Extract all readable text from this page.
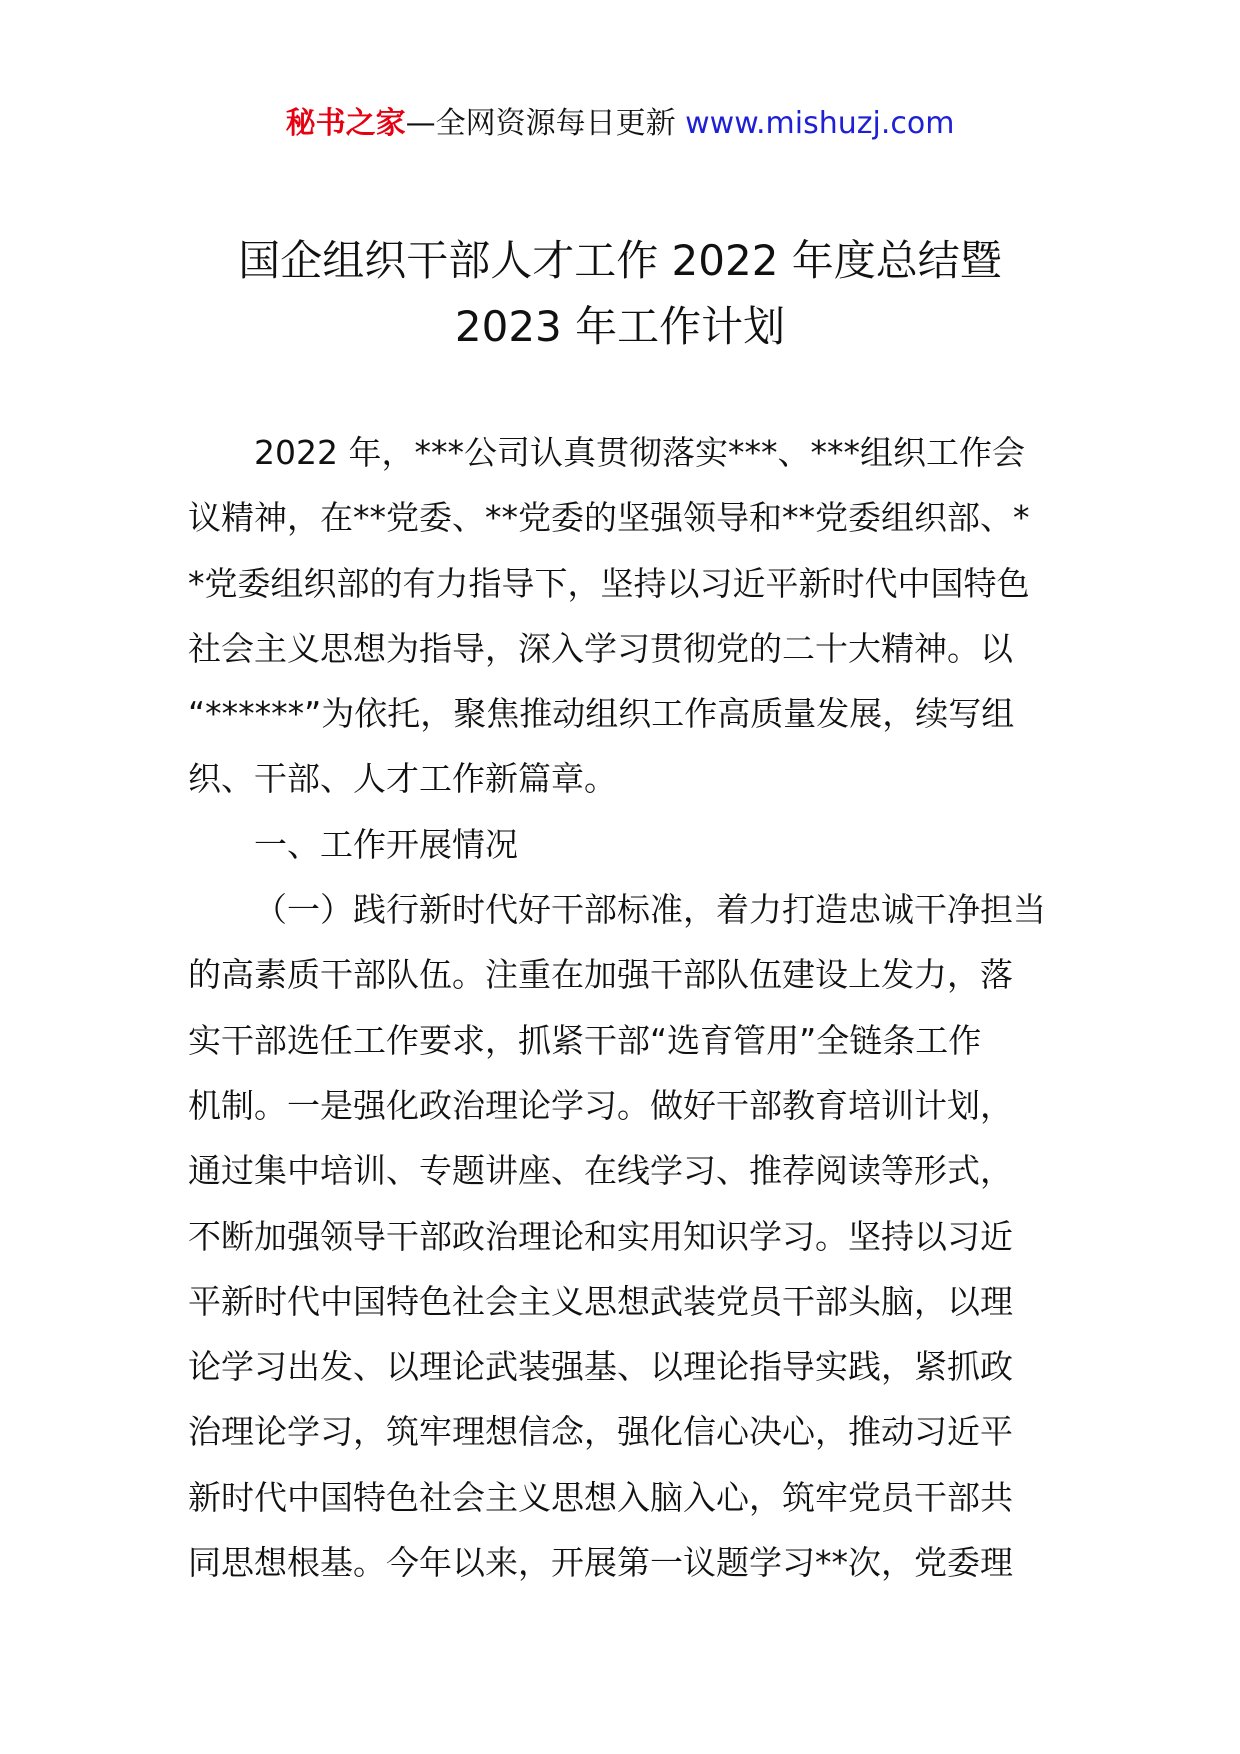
秘书之家—全网资源每日更新 www.mishuzj.com
国企组织干部人才工作 2022 年度总结暨
2023 年工作计划
2022 年，***公司认真贯彻落实***、***组织工作会
议精神，在**党委、**党委的坚强领导和**党委组织部、*
*党委组织部的有力指导下，坚持以习近平新时代中国特色
社会主义思想为指导，深入学习贯彻党的二十大精神。以
“******”为依托，聚焦推动组织工作高质量发展，续写组
织、干部、人才工作新篇章。
一、工作开展情况
（一）践行新时代好干部标准，着力打造忠诚干净担当
的高素质干部队伍。注重在加强干部队伍建设上发力，落
实干部选任工作要求，抓紧干部“选育管用”全链条工作
机制。一是强化政治理论学习。做好干部教育培训计划，
通过集中培训、专题讲座、在线学习、推荐阅读等形式，
不断加强领导干部政治理论和实用知识学习。坚持以习近
平新时代中国特色社会主义思想武装党员干部头脑，以理
论学习出发、以理论武装强基、以理论指导实践，紧抓政
治理论学习，筑牢理想信念，强化信心决心，推动习近平
新时代中国特色社会主义思想入脑入心，筑牢党员干部共
同思想根基。今年以来，开展第一议题学习**次，党委理
